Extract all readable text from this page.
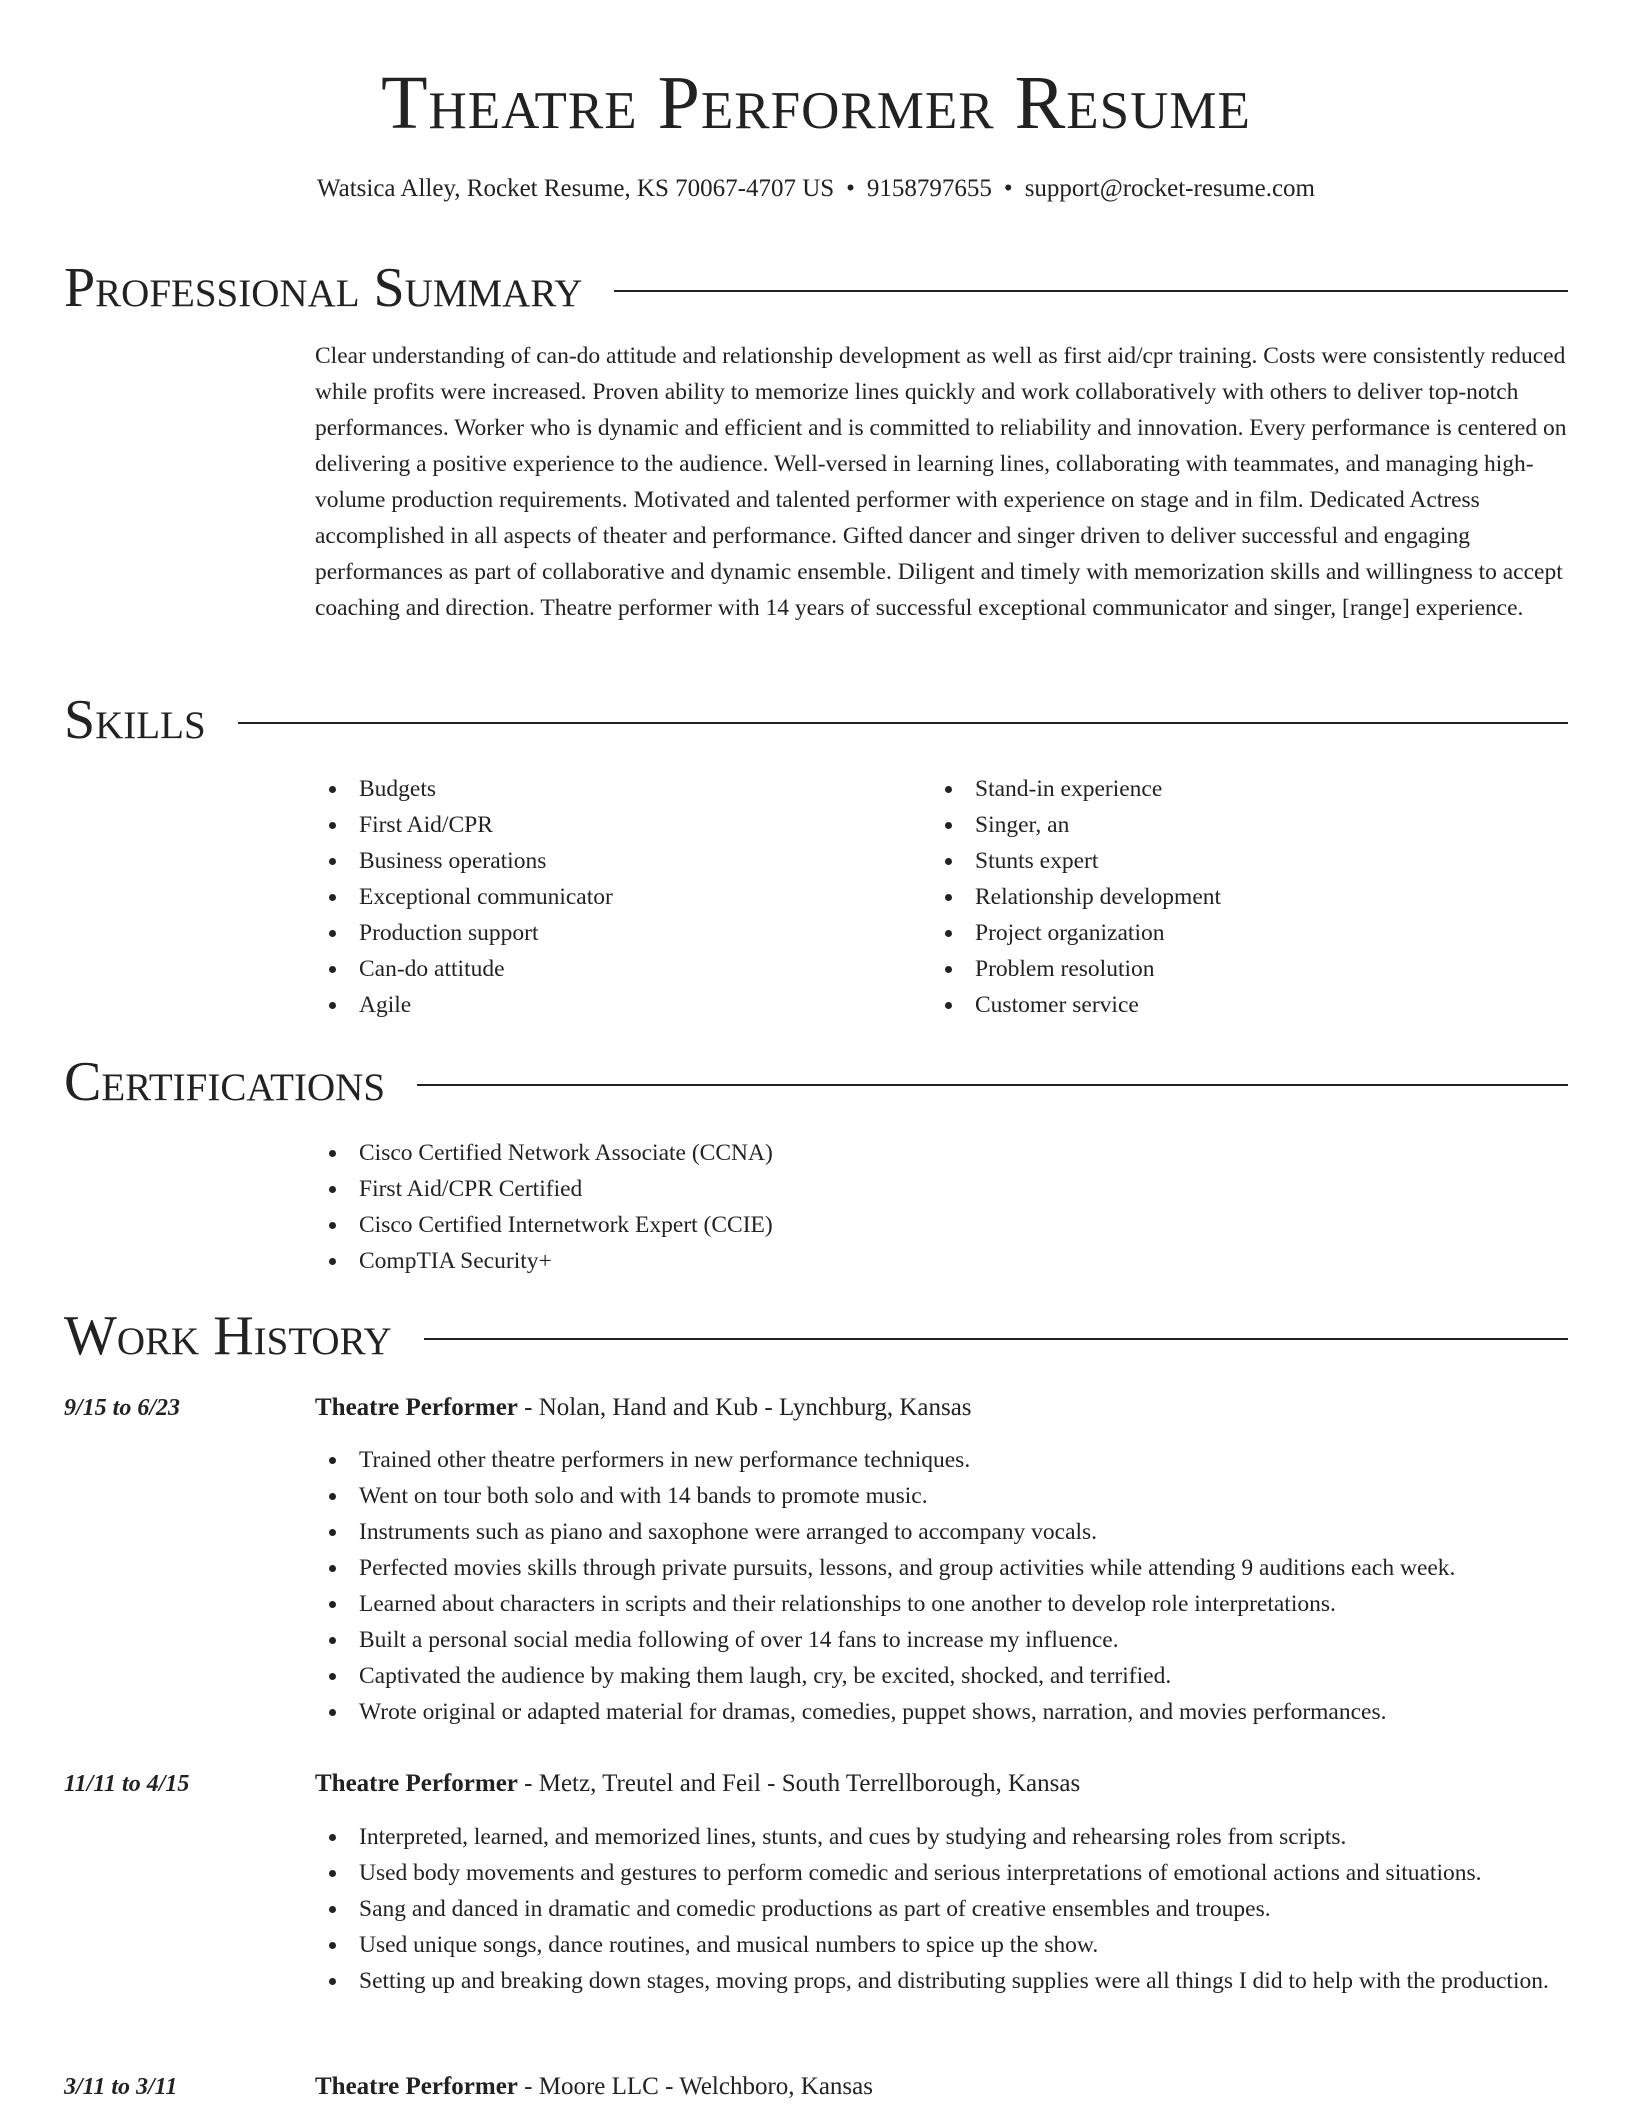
Theatre Performer Resume

Watsica Alley, Rocket Resume, KS 70067-4707 US • 9158797655 • support@rocket-resume.com

Professional Summary

Clear understanding of can-do attitude and relationship development as well as first aid/cpr training. Costs were consistently reduced while profits were increased. Proven ability to memorize lines quickly and work collaboratively with others to deliver top-notch performances. Worker who is dynamic and efficient and is committed to reliability and innovation. Every performance is centered on delivering a positive experience to the audience. Well-versed in learning lines, collaborating with teammates, and managing high-volume production requirements. Motivated and talented performer with experience on stage and in film. Dedicated Actress accomplished in all aspects of theater and performance. Gifted dancer and singer driven to deliver successful and engaging performances as part of collaborative and dynamic ensemble. Diligent and timely with memorization skills and willingness to accept coaching and direction. Theatre performer with 14 years of successful exceptional communicator and singer, [range] experience.

Skills
Budgets
First Aid/CPR
Business operations
Exceptional communicator
Production support
Can-do attitude
Agile
Stand-in experience
Singer, an
Stunts expert
Relationship development
Project organization
Problem resolution
Customer service
Certifications
Cisco Certified Network Associate (CCNA)
First Aid/CPR Certified
Cisco Certified Internetwork Expert (CCIE)
CompTIA Security+
Work History
9/15 to 6/23	Theatre Performer - Nolan, Hand and Kub - Lynchburg, Kansas
Trained other theatre performers in new performance techniques.
Went on tour both solo and with 14 bands to promote music.
Instruments such as piano and saxophone were arranged to accompany vocals.
Perfected movies skills through private pursuits, lessons, and group activities while attending 9 auditions each week.
Learned about characters in scripts and their relationships to one another to develop role interpretations.
Built a personal social media following of over 14 fans to increase my influence.
Captivated the audience by making them laugh, cry, be excited, shocked, and terrified.
Wrote original or adapted material for dramas, comedies, puppet shows, narration, and movies performances.
11/11 to 4/15	Theatre Performer - Metz, Treutel and Feil - South Terrellborough, Kansas
Interpreted, learned, and memorized lines, stunts, and cues by studying and rehearsing roles from scripts.
Used body movements and gestures to perform comedic and serious interpretations of emotional actions and situations.
Sang and danced in dramatic and comedic productions as part of creative ensembles and troupes.
Used unique songs, dance routines, and musical numbers to spice up the show.
Setting up and breaking down stages, moving props, and distributing supplies were all things I did to help with the production.
3/11 to 3/11	Theatre Performer - Moore LLC - Welchboro, Kansas
